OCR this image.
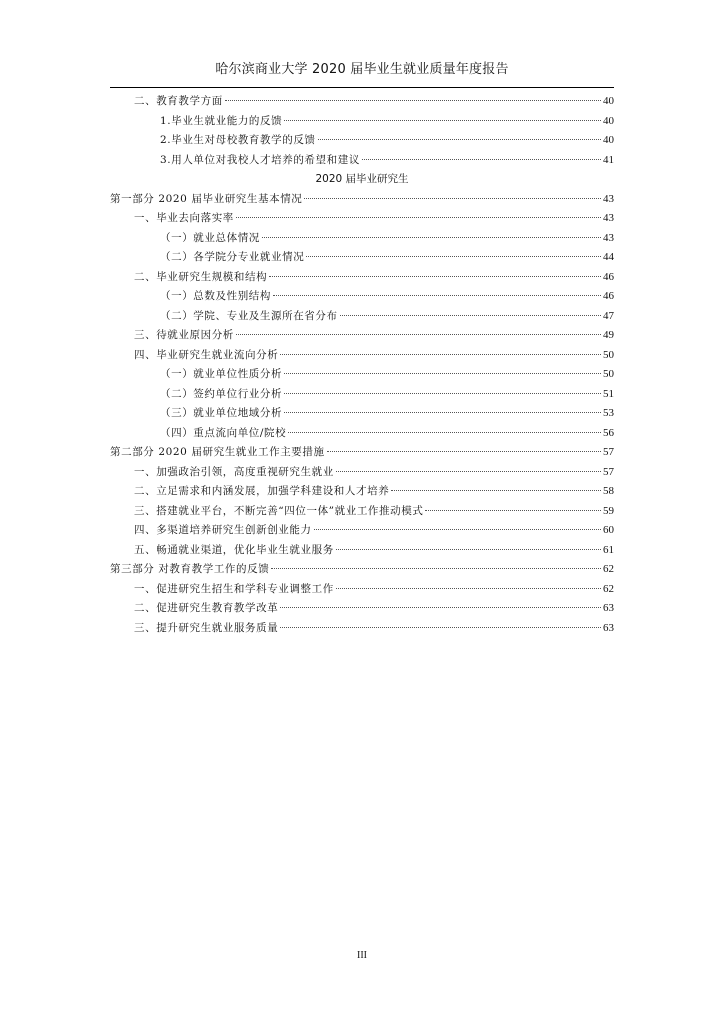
哈尔滨商业大学 2020 届毕业生就业质量年度报告
二、教育教学方面	40
1.毕业生就业能力的反馈	40
2.毕业生对母校教育教学的反馈	40
3.用人单位对我校人才培养的希望和建议	41
2020 届毕业研究生
第一部分 2020 届毕业研究生基本情况	43
一、毕业去向落实率	43
（一）就业总体情况	43
（二）各学院分专业就业情况	44
二、毕业研究生规模和结构	46
（一）总数及性别结构	46
（二）学院、专业及生源所在省分布	47
三、待就业原因分析	49
四、毕业研究生就业流向分析	50
（一）就业单位性质分析	50
（二）签约单位行业分析	51
（三）就业单位地域分析	53
（四）重点流向单位/院校	56
第二部分 2020 届研究生就业工作主要措施	57
一、加强政治引领，高度重视研究生就业	57
二、立足需求和内涵发展，加强学科建设和人才培养	58
三、搭建就业平台，不断完善“四位一体”就业工作推动模式	59
四、多渠道培养研究生创新创业能力	60
五、畅通就业渠道，优化毕业生就业服务	61
第三部分 对教育教学工作的反馈	62
一、促进研究生招生和学科专业调整工作	62
二、促进研究生教育教学改革	63
三、提升研究生就业服务质量	63
III
